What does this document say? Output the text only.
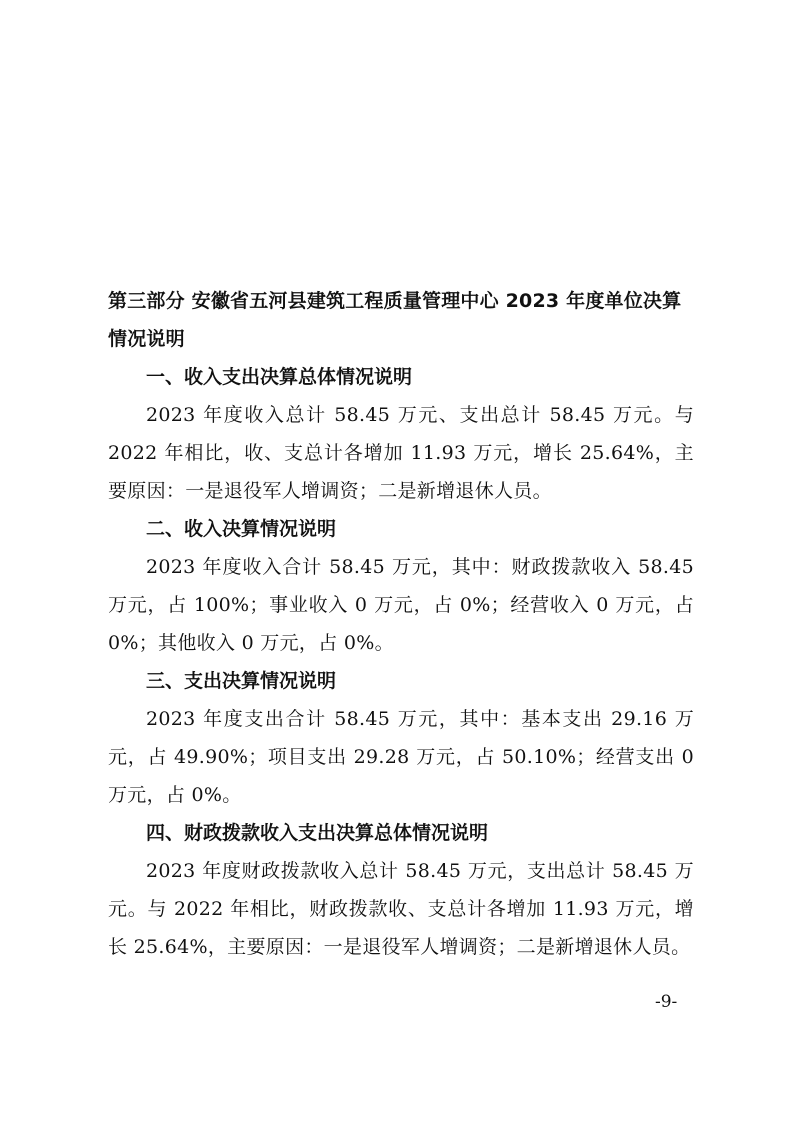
第三部分 安徽省五河县建筑工程质量管理中心 2023 年度单位决算情况说明

一、收入支出决算总体情况说明

2023 年度收入总计 58.45 万元、支出总计 58.45 万元。与 2022 年相比，收、支总计各增加 11.93 万元，增长 25.64%，主要原因：一是退役军人增调资；二是新增退休人员。

二、收入决算情况说明

2023 年度收入合计 58.45 万元，其中：财政拨款收入 58.45 万元，占 100%；事业收入 0 万元，占 0%；经营收入 0 万元，占 0%；其他收入 0 万元，占 0%。

三、支出决算情况说明

2023 年度支出合计 58.45 万元，其中：基本支出 29.16 万元，占 49.90%；项目支出 29.28 万元，占 50.10%；经营支出 0 万元，占 0%。

四、财政拨款收入支出决算总体情况说明

2023 年度财政拨款收入总计 58.45 万元，支出总计 58.45 万元。与 2022 年相比，财政拨款收、支总计各增加 11.93 万元，增长 25.64%，主要原因：一是退役军人增调资；二是新增退休人员。

-9-
